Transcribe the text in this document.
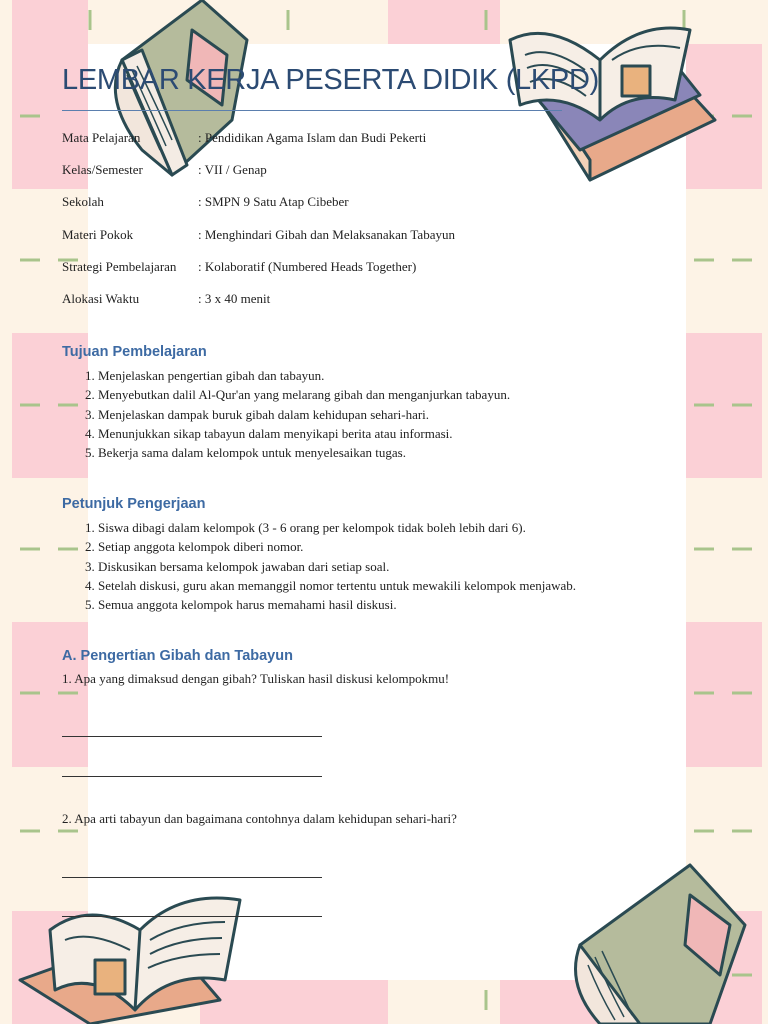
LEMBAR KERJA PESERTA DIDIK (LKPD)
Mata Pelajaran	: Pendidikan Agama Islam dan Budi Pekerti
Kelas/Semester	: VII / Genap
Sekolah	: SMPN 9 Satu Atap Cibeber
Materi Pokok	: Menghindari Gibah dan Melaksanakan Tabayun
Strategi Pembelajaran : Kolaboratif (Numbered Heads Together)
Alokasi Waktu	: 3 x 40 menit
Tujuan Pembelajaran
1. Menjelaskan pengertian gibah dan tabayun.
2. Menyebutkan dalil Al-Qur'an yang melarang gibah dan menganjurkan tabayun.
3. Menjelaskan dampak buruk gibah dalam kehidupan sehari-hari.
4. Menunjukkan sikap tabayun dalam menyikapi berita atau informasi.
5. Bekerja sama dalam kelompok untuk menyelesaikan tugas.
Petunjuk Pengerjaan
1. Siswa dibagi dalam kelompok (3 - 6 orang per kelompok tidak boleh lebih dari 6).
2. Setiap anggota kelompok diberi nomor.
3. Diskusikan bersama kelompok jawaban dari setiap soal.
4. Setelah diskusi, guru akan memanggil nomor tertentu untuk mewakili kelompok menjawab.
5. Semua anggota kelompok harus memahami hasil diskusi.
A. Pengertian Gibah dan Tabayun
1. Apa yang dimaksud dengan gibah? Tuliskan hasil diskusi kelompokmu!
2. Apa arti tabayun dan bagaimana contohnya dalam kehidupan sehari-hari?
